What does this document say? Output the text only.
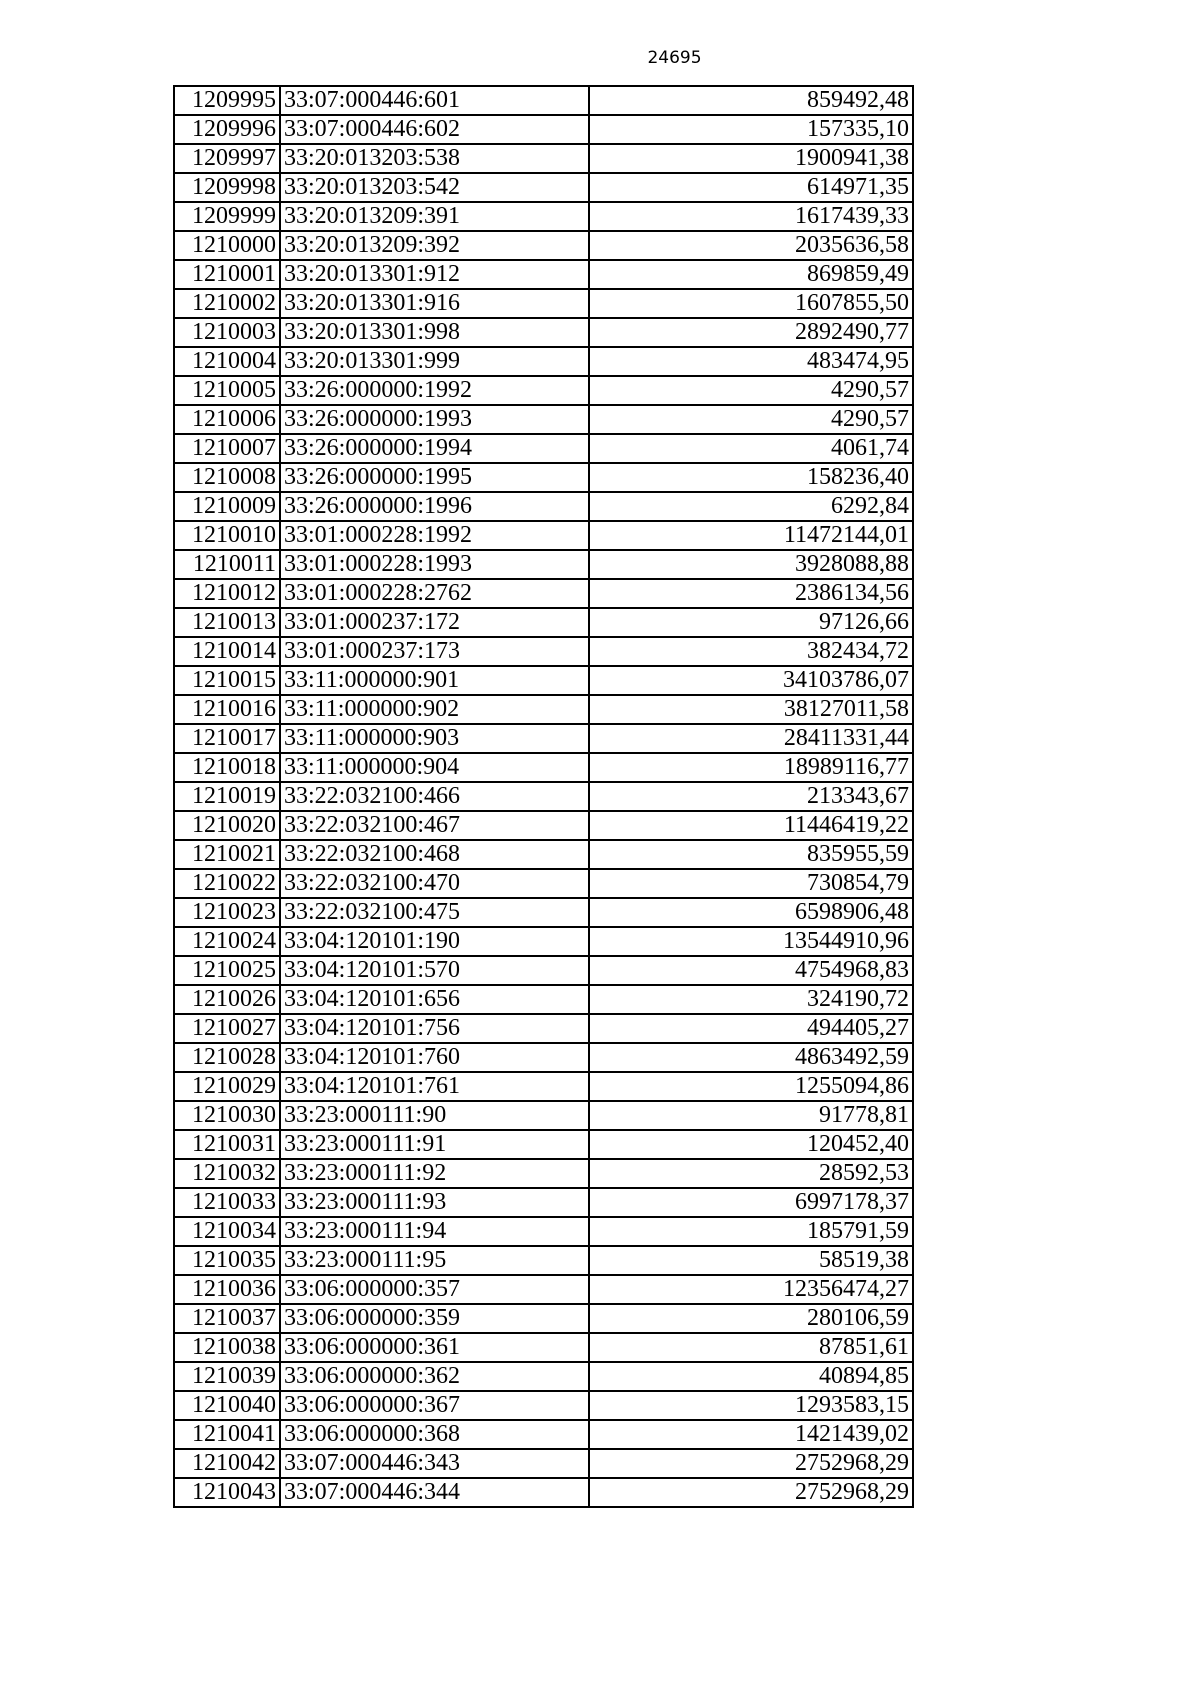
24695
1209995	33:07:000446:601	859492,48
1209996	33:07:000446:602	157335,10
1209997	33:20:013203:538	1900941,38
1209998	33:20:013203:542	614971,35
1209999	33:20:013209:391	1617439,33
1210000	33:20:013209:392	2035636,58
1210001	33:20:013301:912	869859,49
1210002	33:20:013301:916	1607855,50
1210003	33:20:013301:998	2892490,77
1210004	33:20:013301:999	483474,95
1210005	33:26:000000:1992	4290,57
1210006	33:26:000000:1993	4290,57
1210007	33:26:000000:1994	4061,74
1210008	33:26:000000:1995	158236,40
1210009	33:26:000000:1996	6292,84
1210010	33:01:000228:1992	11472144,01
1210011	33:01:000228:1993	3928088,88
1210012	33:01:000228:2762	2386134,56
1210013	33:01:000237:172	97126,66
1210014	33:01:000237:173	382434,72
1210015	33:11:000000:901	34103786,07
1210016	33:11:000000:902	38127011,58
1210017	33:11:000000:903	28411331,44
1210018	33:11:000000:904	18989116,77
1210019	33:22:032100:466	213343,67
1210020	33:22:032100:467	11446419,22
1210021	33:22:032100:468	835955,59
1210022	33:22:032100:470	730854,79
1210023	33:22:032100:475	6598906,48
1210024	33:04:120101:190	13544910,96
1210025	33:04:120101:570	4754968,83
1210026	33:04:120101:656	324190,72
1210027	33:04:120101:756	494405,27
1210028	33:04:120101:760	4863492,59
1210029	33:04:120101:761	1255094,86
1210030	33:23:000111:90	91778,81
1210031	33:23:000111:91	120452,40
1210032	33:23:000111:92	28592,53
1210033	33:23:000111:93	6997178,37
1210034	33:23:000111:94	185791,59
1210035	33:23:000111:95	58519,38
1210036	33:06:000000:357	12356474,27
1210037	33:06:000000:359	280106,59
1210038	33:06:000000:361	87851,61
1210039	33:06:000000:362	40894,85
1210040	33:06:000000:367	1293583,15
1210041	33:06:000000:368	1421439,02
1210042	33:07:000446:343	2752968,29
1210043	33:07:000446:344	2752968,29
